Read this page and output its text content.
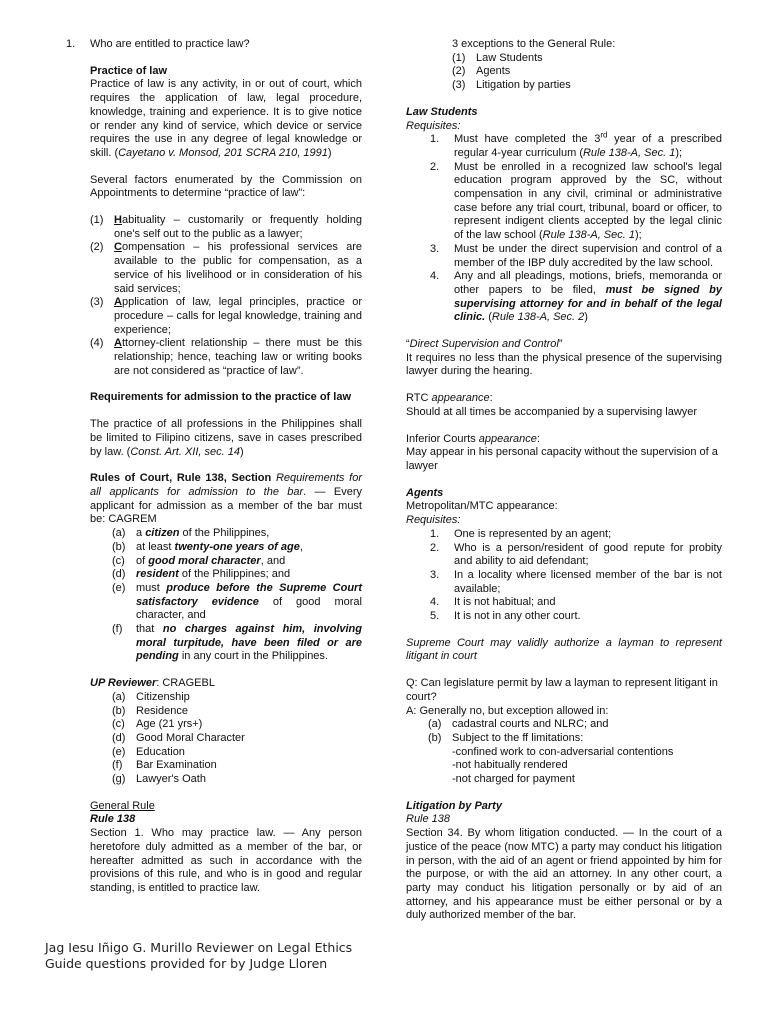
1. Who are entitled to practice law?

Practice of law

Practice of law is any activity, in or out of court, which requires the application of law, legal procedure, knowledge, training and experience. It is to give notice or render any kind of service, which device or service requires the use in any degree of legal knowledge or skill. (Cayetano v. Monsod, 201 SCRA 210, 1991)

Several factors enumerated by the Commission on Appointments to determine “practice of law”:

(1) Habituality – customarily or frequently holding one's self out to the public as a lawyer;
(2) Compensation – his professional services are available to the public for compensation, as a service of his livelihood or in consideration of his said services;
(3) Application of law, legal principles, practice or procedure – calls for legal knowledge, training and experience;
(4) Attorney-client relationship – there must be this relationship; hence, teaching law or writing books are not considered as “practice of law”.

Requirements for admission to the practice of law

The practice of all professions in the Philippines shall be limited to Filipino citizens, save in cases prescribed by law. (Const. Art. XII, sec. 14)

Rules of Court, Rule 138, Section Requirements for all applicants for admission to the bar. — Every applicant for admission as a member of the bar must be: CAGREM

(a) a citizen of the Philippines,
(b) at least twenty-one years of age,
(c)	of good moral character, and
(d) resident of the Philippines; and
(e) must produce before the Supreme Court satisfactory evidence of good moral character, and
(f)	that no charges against him, involving moral turpitude, have been filed or are pending in any court in the Philippines.

UP Reviewer: CRAGEBL

(a) Citizenship
(b) Residence
(c)	Age (21 yrs+)
(d) Good Moral Character
(e) Education
(f)	Bar Examination
(g) Lawyer's Oath

General Rule

Rule 138

Section 1. Who may practice law. — Any person heretofore duly admitted as a member of the bar, or hereafter admitted as such in accordance with the provisions of this rule, and who is in good and regular standing, is entitled to practice law.

3 exceptions to the General Rule:

(1) Law Students
(2) Agents
(3) Litigation by parties

Law Students

Requisites:

1.	Must have completed the 3rd year of a prescribed regular 4-year curriculum (Rule 138-A, Sec. 1);
2.	Must be enrolled in a recognized law school's legal education program approved by the SC, without compensation in any civil, criminal or administrative case before any trial court, tribunal, board or officer, to represent indigent clients accepted by the legal clinic of the law school (Rule 138-A, Sec. 1);
3.	Must be under the direct supervision and control of a member of the IBP duly accredited by the law school.
4.	Any and all pleadings, motions, briefs, memoranda or other papers to be filed, must be signed by supervising attorney for and in behalf of the legal clinic. (Rule 138-A, Sec. 2)

“Direct Supervision and Control”

It requires no less than the physical presence of the supervising lawyer during the hearing.

RTC appearance:

Should at all times be accompanied by a supervising lawyer

Inferior Courts appearance:

May appear in his personal capacity without the supervision of a lawyer

Agents

Metropolitan/MTC appearance:

Requisites:

1.	One is represented by an agent;
2.	Who is a person/resident of good repute for probity and ability to aid defendant;
3.	In a locality where licensed member of the bar is not available;
4.	It is not habitual; and
5.	It is not in any other court.

Supreme Court may validly authorize a layman to represent litigant in court

Q: Can legislature permit by law a layman to represent litigant in court?

A: Generally no, but exception allowed in:

(a) cadastral courts and NLRC; and
(b) Subject to the ff limitations:

-confined work to con-adversarial contentions

-not habitually rendered

-not charged for payment

Litigation by Party

Rule 138

Section 34. By whom litigation conducted. — In the court of a justice of the peace (now MTC) a party may conduct his litigation in person, with the aid of an agent or friend appointed by him for the purpose, or with the aid an attorney. In any other court, a party may conduct his litigation personally or by aid of an attorney, and his appearance must be either personal or by a duly authorized member of the bar.

Jag Iesu Iñigo G. Murillo Reviewer on Legal Ethics
Guide questions provided for by Judge Lloren
